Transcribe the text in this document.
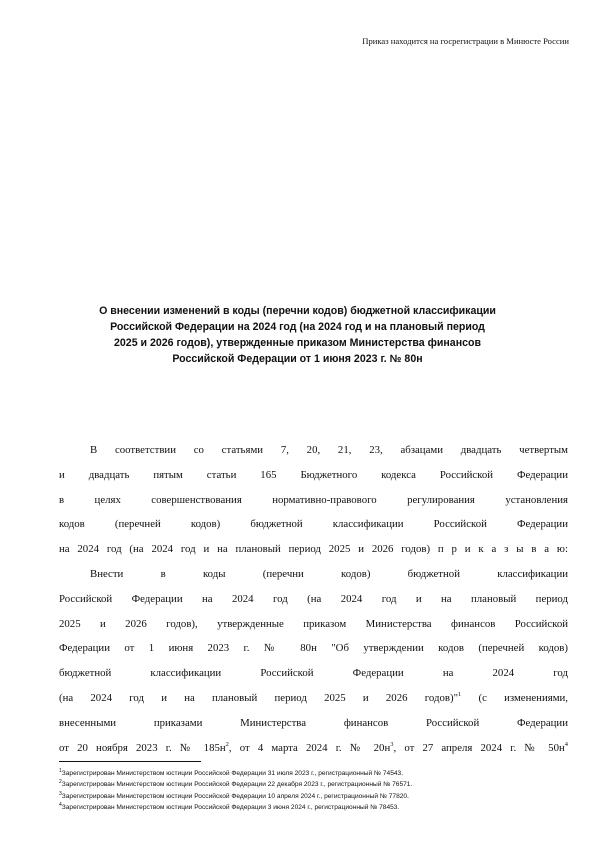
Приказ находится на госрегистрации в Минюсте России
О внесении изменений в коды (перечни кодов) бюджетной классификации
Российской Федерации на 2024 год (на 2024 год и на плановый период
2025 и 2026 годов), утвержденные приказом Министерства финансов
Российской Федерации от 1 июня 2023 г. № 80н
В соответствии со статьями 7, 20, 21, 23, абзацами двадцать четвертым
и двадцать пятым статьи 165 Бюджетного кодекса Российской Федерации
в целях совершенствования нормативно-правового регулирования установления
кодов (перечней кодов) бюджетной классификации Российской Федерации
на 2024 год (на 2024 год и на плановый период 2025 и 2026 годов) п р и к а з ы в а ю:
Внести в коды (перечни кодов) бюджетной классификации
Российской Федерации на 2024 год (на 2024 год и на плановый период
2025 и 2026 годов), утвержденные приказом Министерства финансов Российской
Федерации от 1 июня 2023 г. № 80н "Об утверждении кодов (перечней кодов)
бюджетной классификации Российской Федерации на 2024 год
(на 2024 год и на плановый период 2025 и 2026 годов)"$^1$ (с изменениями,
внесенными приказами Министерства финансов Российской Федерации
от 20 ноября 2023 г. № $185н^2$, от 4 марта 2024 г. № $20н^3$, от 27 апреля 2024 г. № $50н^4$
$^1$Зарегистрирован Министерством юстиции Российской Федерации 31 июля 2023 г., регистрационный № 74543.
$^2$Зарегистрирован Министерством юстиции Российской Федерации 22 декабря 2023 г., регистрационный № 76571.
$^3$Зарегистрирован Министерством юстиции Российской Федерации 10 апреля 2024 г., регистрационный № 77820.
$^4$Зарегистрирован Министерством юстиции Российской Федерации 3 июня 2024 г., регистрационный № 78453.
